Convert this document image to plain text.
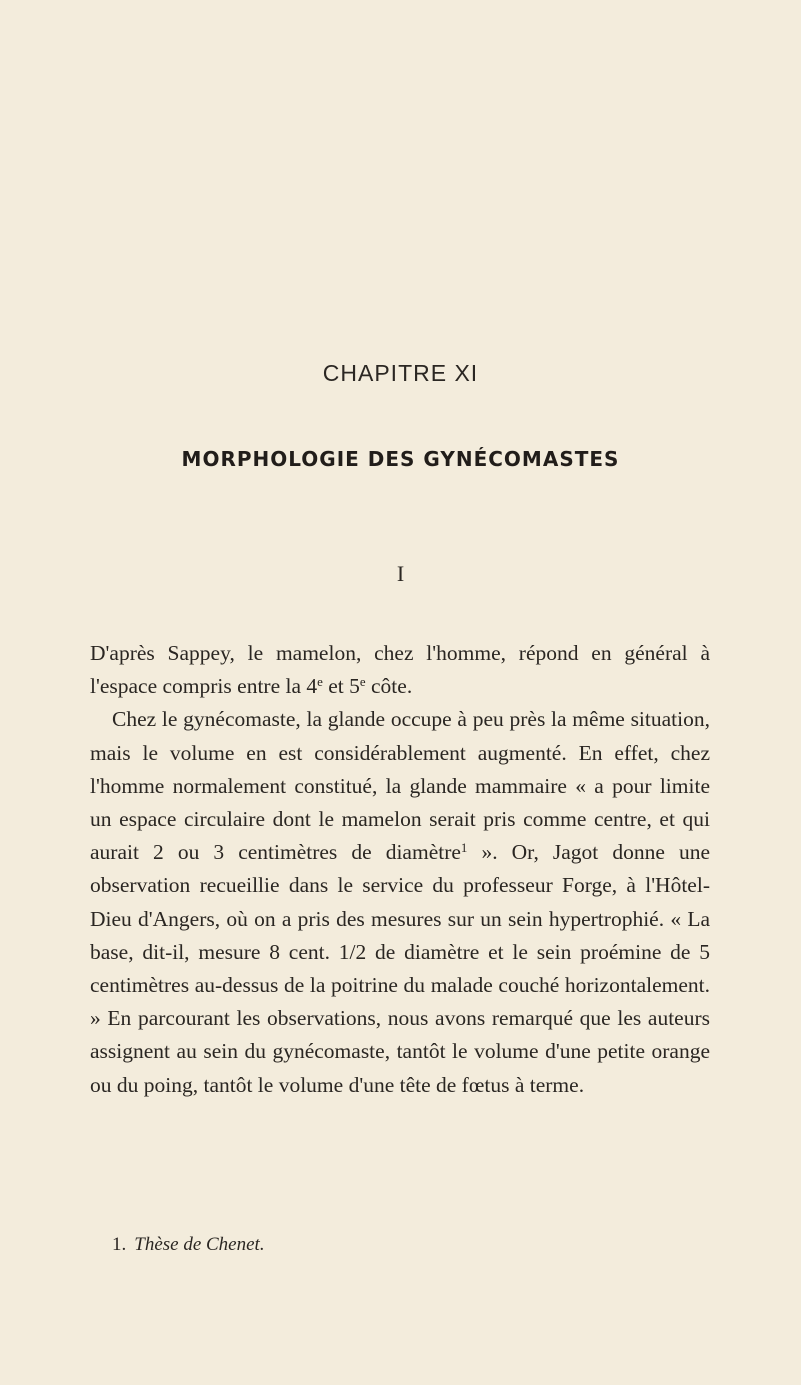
CHAPITRE XI
MORPHOLOGIE DES GYNÉCOMASTES
I

D'après Sappey, le mamelon, chez l'homme, répond en général à l'espace compris entre la 4e et 5e côte.

Chez le gynécomaste, la glande occupe à peu près la même situation, mais le volume en est considérablement augmenté. En effet, chez l'homme normalement constitué, la glande mammaire « a pour limite un espace circulaire dont le mamelon serait pris comme centre, et qui aurait 2 ou 3 centimètres de diamètre$^1$ ». Or, Jagot donne une observation recueillie dans le service du professeur Forge, à l'Hôtel-Dieu d'Angers, où on a pris des mesures sur un sein hypertrophié. « La base, dit-il, mesure 8 cent. 1/2 de diamètre et le sein proémine de 5 centimètres au-dessus de la poitrine du malade couché horizontalement. » En parcourant les observations, nous avons remarqué que les auteurs assignent au sein du gynécomaste, tantôt le volume d'une petite orange ou du poing, tantôt le volume d'une tête de fœtus à terme.

1. Thèse de Chenet.
